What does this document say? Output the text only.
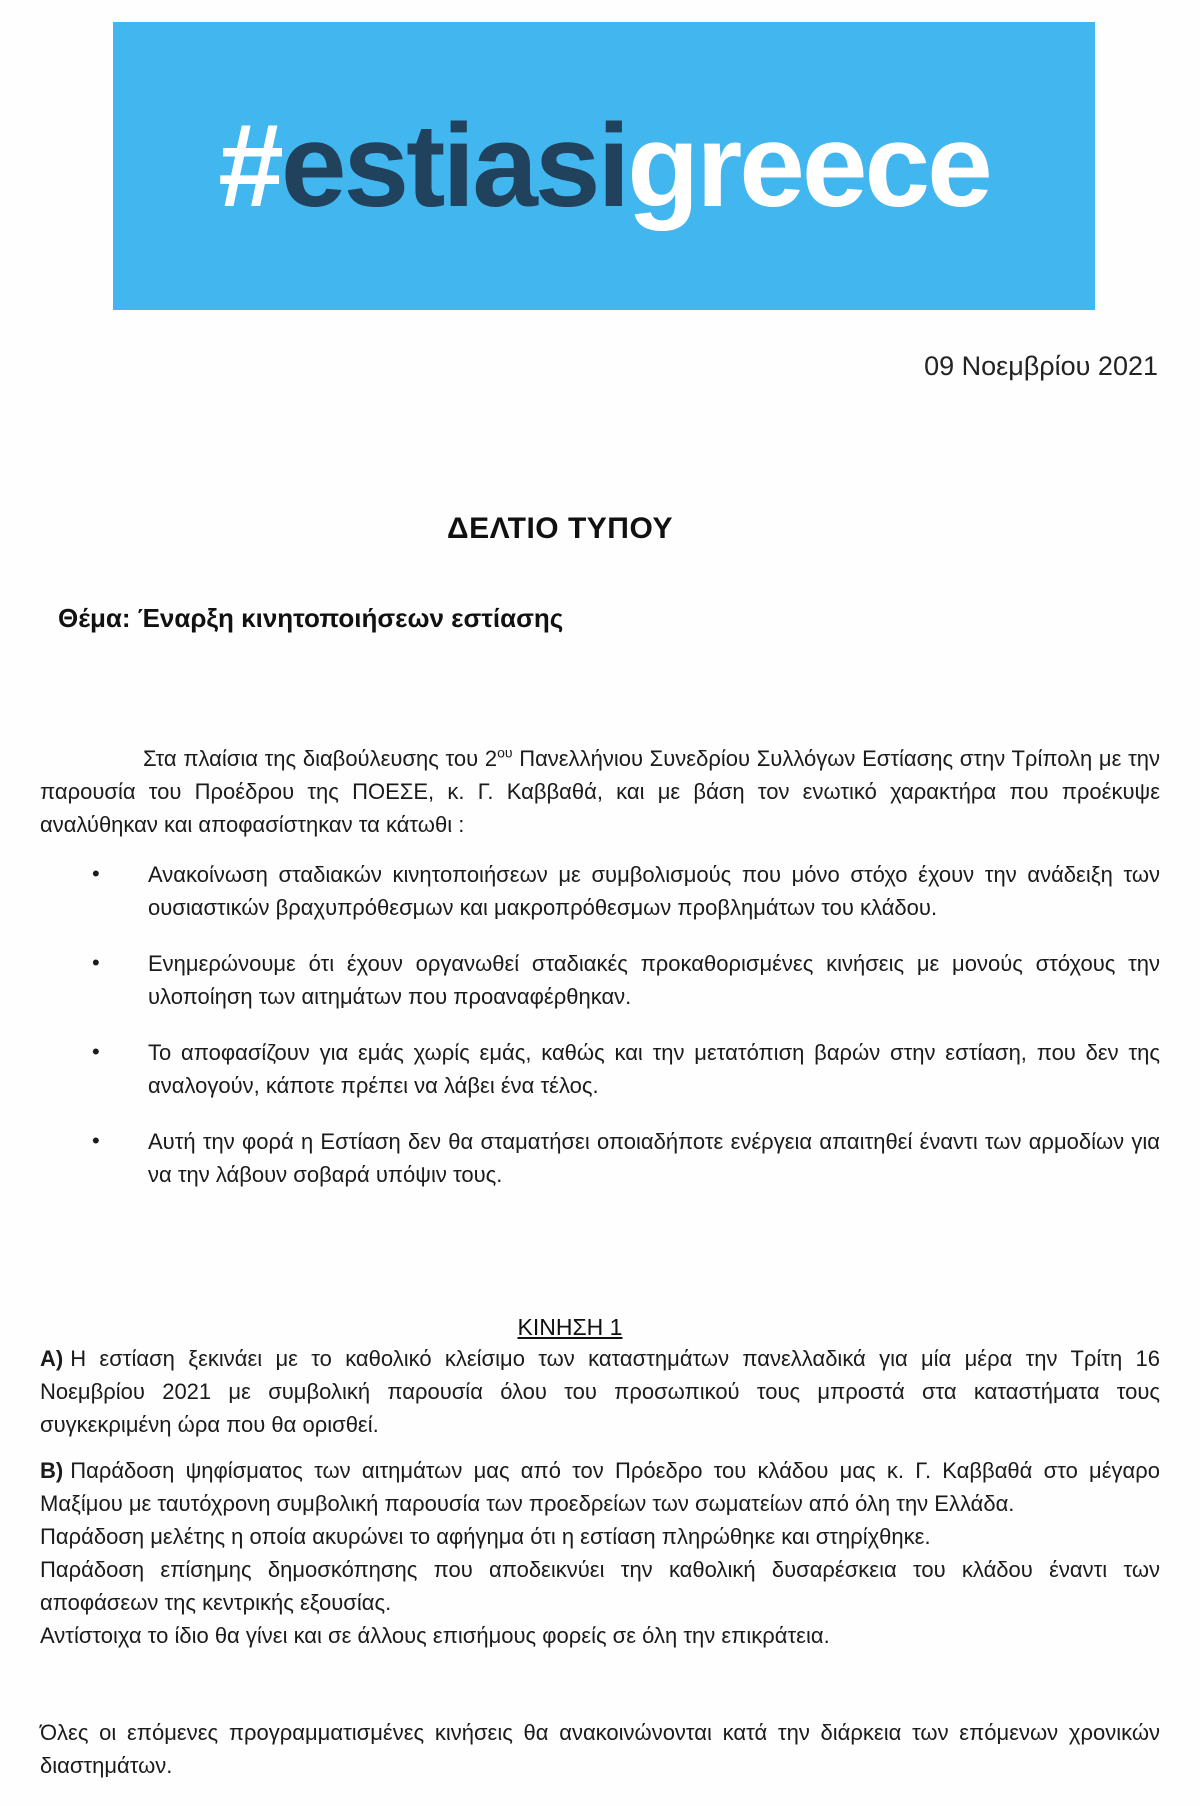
#estiasigreece
09 Νοεμβρίου 2021
ΔΕΛΤΙΟ ΤΥΠΟΥ
Θέμα: Έναρξη κινητοποιήσεων εστίασης

Στα πλαίσια της διαβούλευσης του $2^{o\upsilon}$ Πανελλήνιου Συνεδρίου Συλλόγων Εστίασης στην Τρίπολη με την παρουσία του Προέδρου της ΠΟΕΣΕ, κ. Γ. Καββαθά, και με βάση τον ενωτικό χαρακτήρα που προέκυψε αναλύθηκαν και αποφασίστηκαν τα κάτωθι :

• Ανακοίνωση σταδιακών κινητοποιήσεων με συμβολισμούς που μόνο στόχο έχουν την ανάδειξη των ουσιαστικών βραχυπρόθεσμων και μακροπρόθεσμων προβλημάτων του κλάδου.
• Ενημερώνουμε ότι έχουν οργανωθεί σταδιακές προκαθορισμένες κινήσεις με μονούς στόχους την υλοποίηση των αιτημάτων που προαναφέρθηκαν.
• Το αποφασίζουν για εμάς χωρίς εμάς, καθώς και την μετατόπιση βαρών στην εστίαση, που δεν της αναλογούν, κάποτε πρέπει να λάβει ένα τέλος.
• Αυτή την φορά η Εστίαση δεν θα σταματήσει οποιαδήποτε ενέργεια απαιτηθεί έναντι των αρμοδίων για να την λάβουν σοβαρά υπόψιν τους.
ΚΙΝΗΣΗ 1

Α) Η εστίαση ξεκινάει με το καθολικό κλείσιμο των καταστημάτων πανελλαδικά για μία μέρα την Τρίτη 16 Νοεμβρίου 2021 με συμβολική παρουσία όλου του προσωπικού τους μπροστά στα καταστήματα τους συγκεκριμένη ώρα που θα ορισθεί.

Β) Παράδοση ψηφίσματος των αιτημάτων μας από τον Πρόεδρο του κλάδου μας κ. Γ. Καββαθά στο μέγαρο Μαξίμου με ταυτόχρονη συμβολική παρουσία των προεδρείων των σωματείων από όλη την Ελλάδα.

Παράδοση μελέτης η οποία ακυρώνει το αφήγημα ότι η εστίαση πληρώθηκε και στηρίχθηκε.

Παράδοση επίσημης δημοσκόπησης που αποδεικνύει την καθολική δυσαρέσκεια του κλάδου έναντι των αποφάσεων της κεντρικής εξουσίας.

Αντίστοιχα το ίδιο θα γίνει και σε άλλους επισήμους φορείς σε όλη την επικράτεια.

Όλες οι επόμενες προγραμματισμένες κινήσεις θα ανακοινώνονται κατά την διάρκεια των επόμενων χρονικών διαστημάτων.
